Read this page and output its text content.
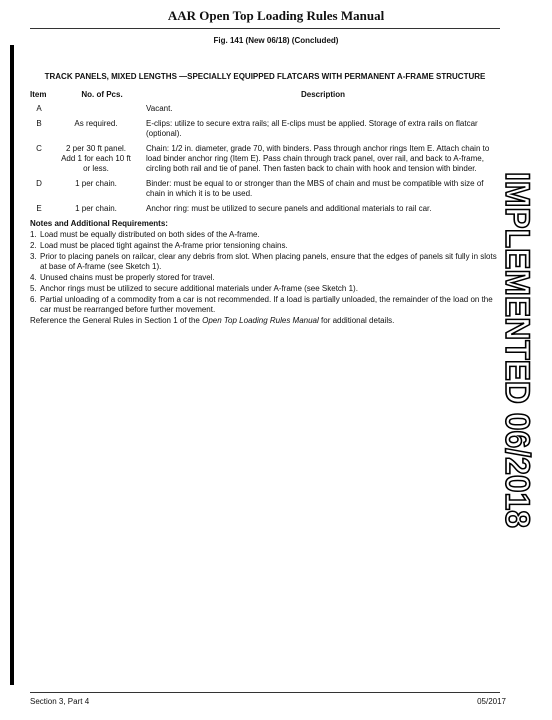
AAR Open Top Loading Rules Manual
Fig. 141 (New 06/18) (Concluded)
TRACK PANELS, MIXED LENGTHS —SPECIALLY EQUIPPED FLATCARS WITH PERMANENT A-FRAME STRUCTURE
Item	No. of Pcs.	Description
A		Vacant.
B	As required.	E-clips: utilize to secure extra rails; all E-clips must be applied. Storage of extra rails on flatcar (optional).
C	2 per 30 ft panel. Add 1 for each 10 ft or less.	Chain: 1/2 in. diameter, grade 70, with binders. Pass through anchor rings Item E. Attach chain to load binder anchor ring (Item E). Pass chain through track panel, over rail, and back to A-frame, circling both rail and tie of panel. Then fasten back to chain with hook and tension with binder.
D	1 per chain.	Binder: must be equal to or stronger than the MBS of chain and must be compatible with size of chain in which it is to be used.
E	1 per chain.	Anchor ring: must be utilized to secure panels and additional materials to rail car.
Notes and Additional Requirements:
1. Load must be equally distributed on both sides of the A-frame.
2. Load must be placed tight against the A-frame prior tensioning chains.
3. Prior to placing panels on railcar, clear any debris from slot. When placing panels, ensure that the edges of panels sit fully in slots at base of A-frame (see Sketch 1).
4. Unused chains must be properly stored for travel.
5. Anchor rings must be utilized to secure additional materials under A-frame (see Sketch 1).
6. Partial unloading of a commodity from a car is not recommended. If a load is partially unloaded, the remainder of the load on the car must be rearranged before further movement.
Reference the General Rules in Section 1 of the Open Top Loading Rules Manual for additional details.	IMPLEMENTED 06/2018
Section 3, Part 4	05/2017
